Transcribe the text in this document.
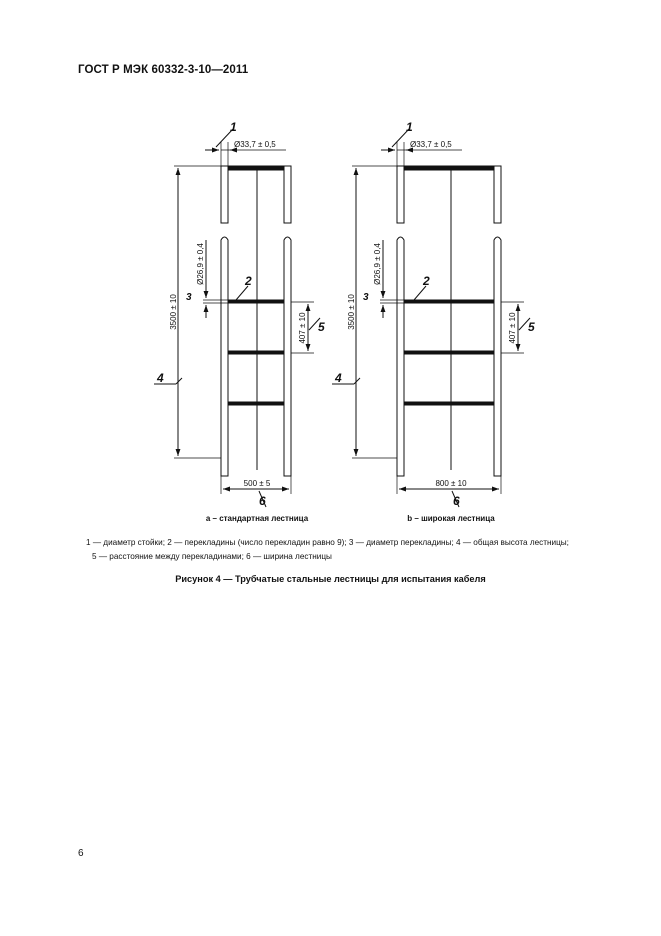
ГОСТ Р МЭК 60332-3-10—2011
Ø33,7 ± 0,5
3500 ± 10
Ø26,9 ± 0,4
407 ± 10
500 ± 5
a – стандартная лестница
1
2
3
4
5
6
Ø33,7 ± 0,5
3500 ± 10
Ø26,9 ± 0,4
407 ± 10
800 ± 10
b – широкая лестница
1
2
3
4
5
6

1 — диаметр стойки; 2 — перекладины (число перекладин равно 9); 3 — диаметр перекладины; 4 — общая высота лестницы;

5 — расстояние между перекладинами; 6 — ширина лестницы

Рисунок 4 — Трубчатые стальные лестницы для испытания кабеля
6
